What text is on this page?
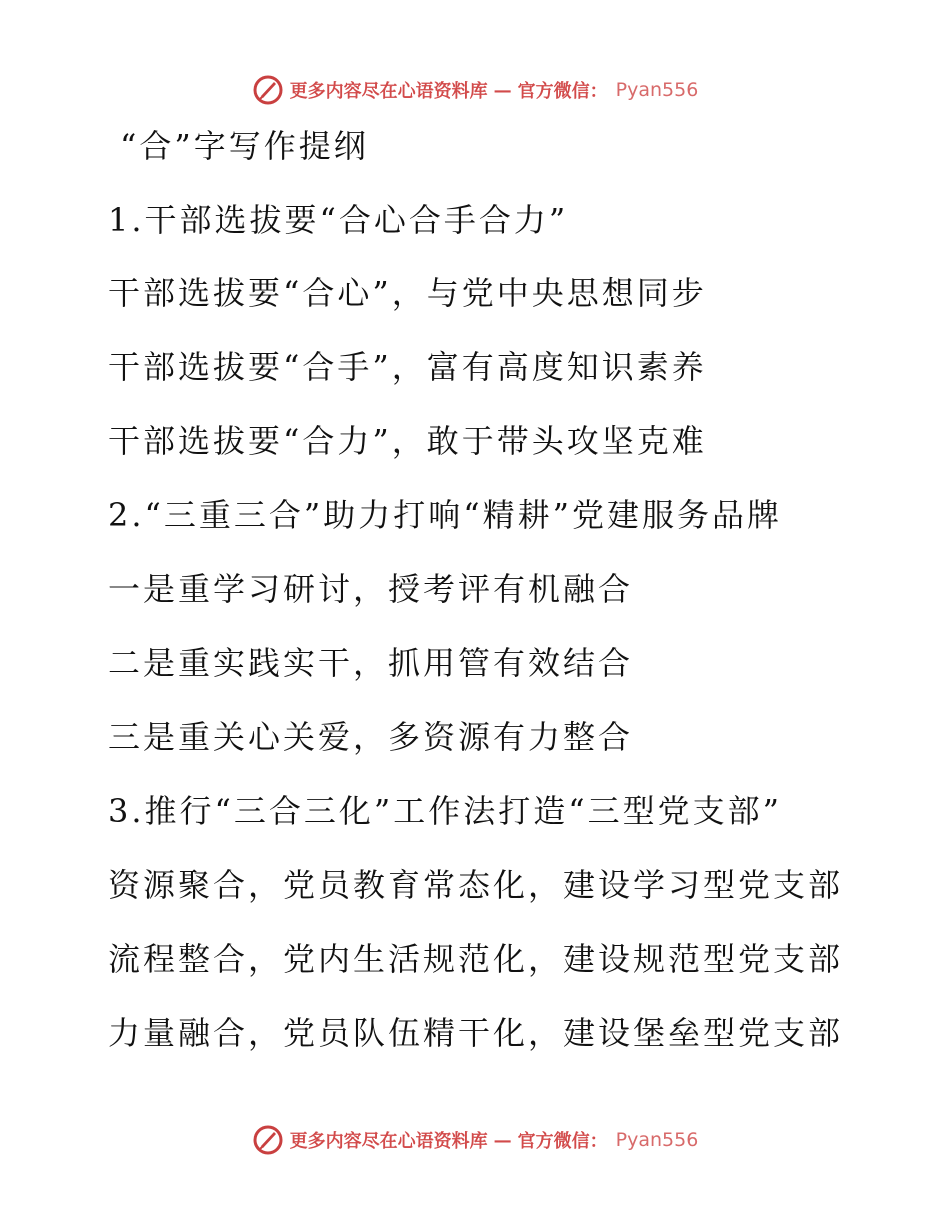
更多内容尽在心语资料库 — 官方微信： Pyan556
“合”字写作提纲
1.干部选拔要“合心合手合力”
干部选拔要“合心”，与党中央思想同步
干部选拔要“合手”，富有高度知识素养
干部选拔要“合力”，敢于带头攻坚克难
2.“三重三合”助力打响“精耕”党建服务品牌
一是重学习研讨，授考评有机融合
二是重实践实干，抓用管有效结合
三是重关心关爱，多资源有力整合
3.推行“三合三化”工作法打造“三型党支部”
资源聚合，党员教育常态化，建设学习型党支部
流程整合，党内生活规范化，建设规范型党支部
力量融合，党员队伍精干化，建设堡垒型党支部
更多内容尽在心语资料库 — 官方微信： Pyan556
